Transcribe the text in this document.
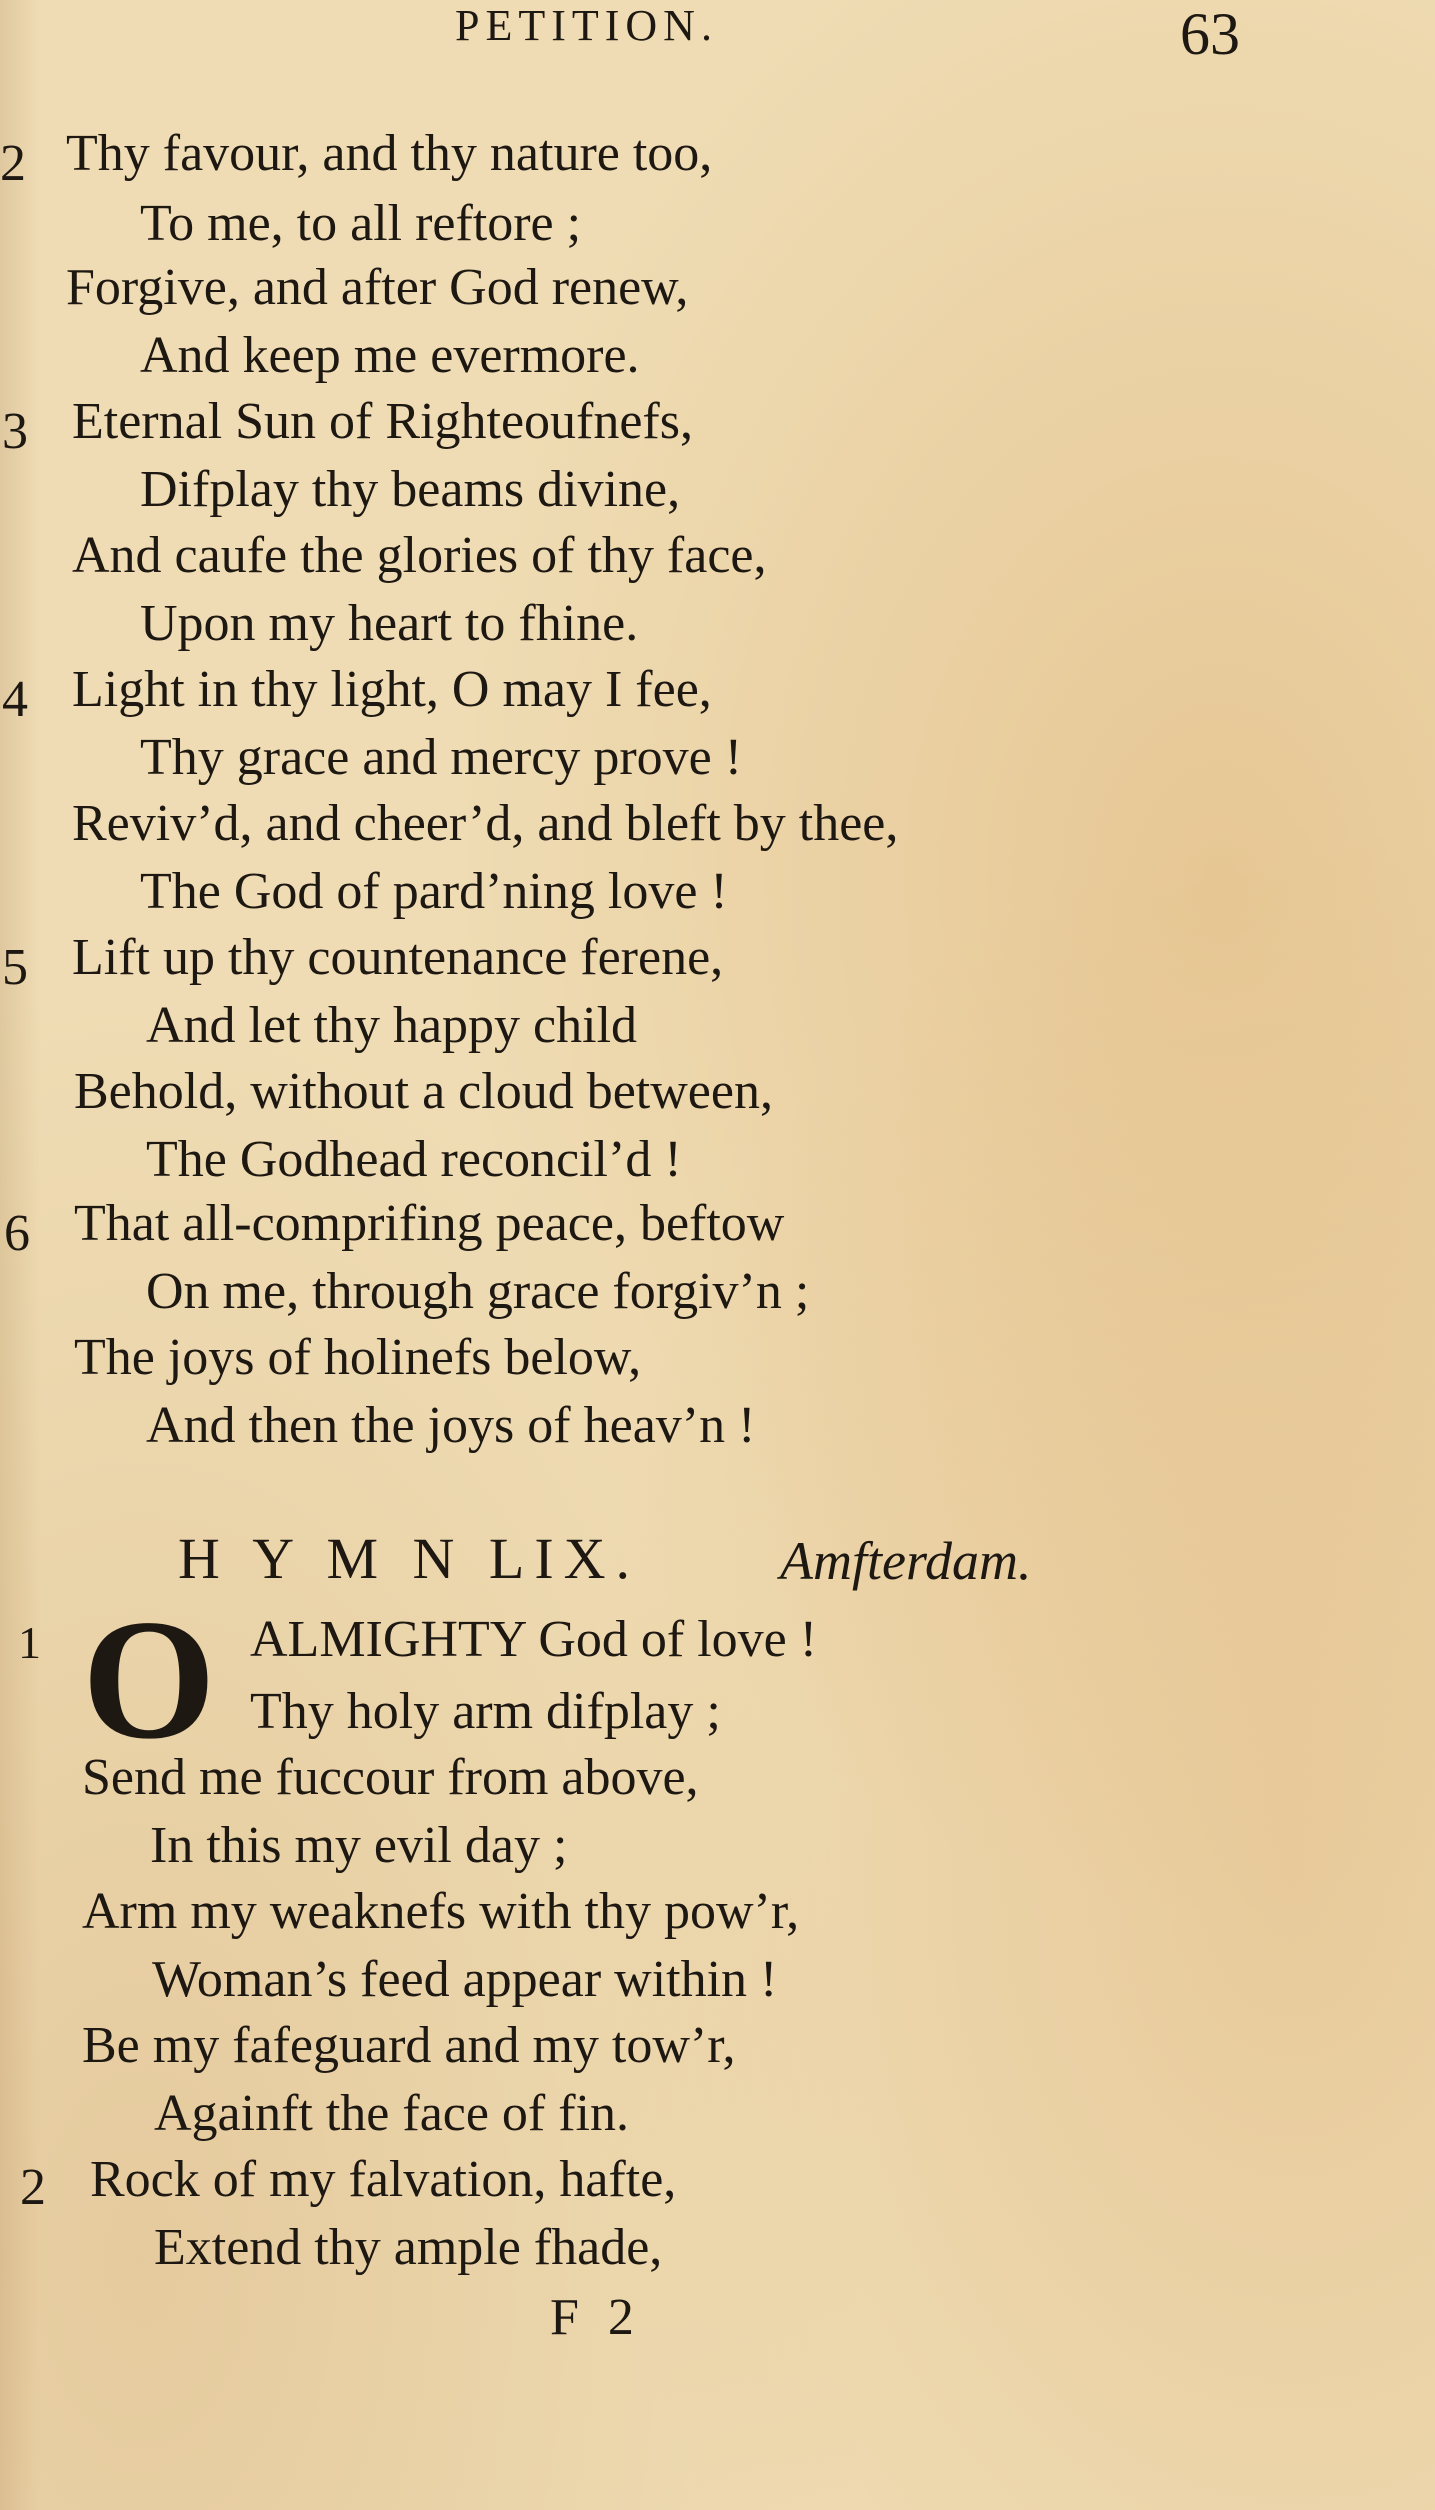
PETITION.	63
2 Thy favour, and thy nature too,
To me, to all reftore ;
Forgive, and after God renew,
And keep me evermore.
3 Eternal Sun of Righteoufnefs,
Difplay thy beams divine,
And caufe the glories of thy face,
Upon my heart to fhine.
4 Light in thy light, O may I fee,
Thy grace and mercy prove !
Reviv’d, and cheer’d, and bleft by thee,
The God of pard’ning love !
5 Lift up thy countenance ferene,
And let thy happy child
Behold, without a cloud between,
The Godhead reconcil’d !
6 That all-comprifing peace, beftow
On me, through grace forgiv’n ;
The joys of holinefs below,
And then the joys of heav’n !
H Y M N LIX.	Amfterdam.
1 O ALMIGHTY God of love !
Thy holy arm difplay ;
Send me fuccour from above,
In this my evil day ;
Arm my weaknefs with thy pow’r,
Woman’s feed appear within !
Be my fafeguard and my tow’r,
Againft the face of fin.
2 Rock of my falvation, hafte,
Extend thy ample fhade,
F 2
